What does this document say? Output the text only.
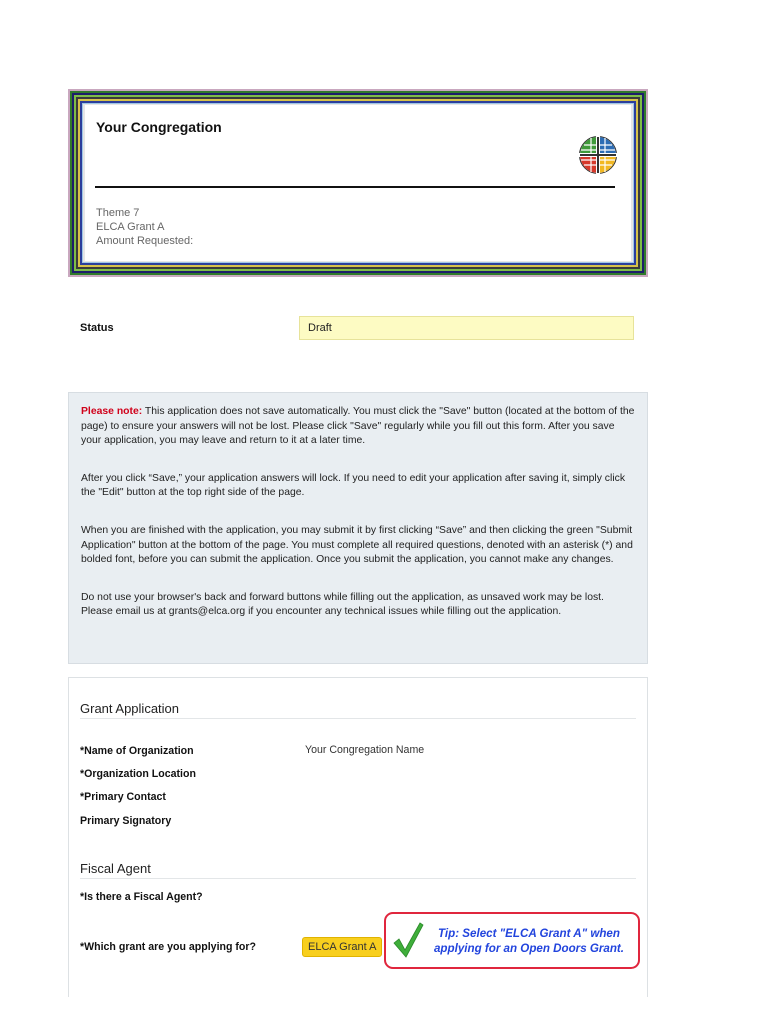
Your Congregation
Theme 7
ELCA Grant A
Amount Requested:
Status	Draft

Please note: This application does not save automatically. You must click the "Save" button (located at the bottom of the page) to ensure your answers will not be lost. Please click "Save" regularly while you fill out this form. After you save your application, you may leave and return to it at a later time.

After you click “Save,” your application answers will lock. If you need to edit your application after saving it, simply click the "Edit" button at the top right side of the page.

When you are finished with the application, you may submit it by first clicking “Save” and then clicking the green "Submit Application" button at the bottom of the page. You must complete all required questions, denoted with an asterisk (*) and bolded font, before you can submit the application. Once you submit the application, you cannot make any changes.

Do not use your browser's back and forward buttons while filling out the application, as unsaved work may be lost. Please email us at grants@elca.org if you encounter any technical issues while filling out the application.

Grant Application
*Name of Organization	Your Congregation Name
*Organization Location
*Primary Contact
Primary Signatory
Fiscal Agent
*Is there a Fiscal Agent?
*Which grant are you applying for?	ELCA Grant A
Tip: Select "ELCA Grant A" when applying for an Open Doors Grant.
